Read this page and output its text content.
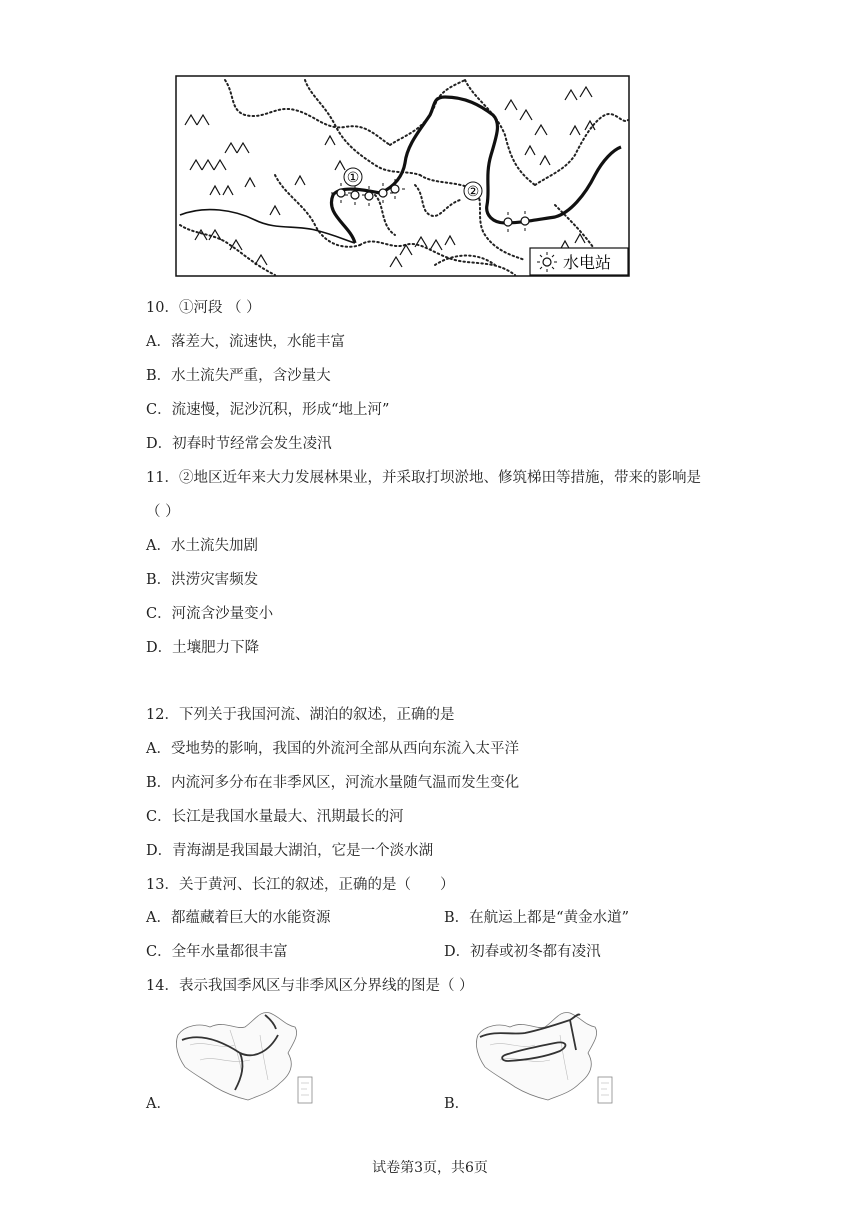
①
②
水电站
10．①河段 （ ）
A．落差大，流速快，水能丰富
B．水土流失严重，含沙量大
C．流速慢，泥沙沉积，形成“地上河”
D．初春时节经常会发生凌汛
11．②地区近年来大力发展林果业，并采取打坝淤地、修筑梯田等措施，带来的影响是
（ ）
A．水土流失加剧
B．洪涝灾害频发
C．河流含沙量变小
D．土壤肥力下降
12．下列关于我国河流、湖泊的叙述，正确的是
A．受地势的影响，我国的外流河全部从西向东流入太平洋
B．内流河多分布在非季风区，河流水量随气温而发生变化
C．长江是我国水量最大、汛期最长的河
D．青海湖是我国最大湖泊，它是一个淡水湖
13．关于黄河、长江的叙述，正确的是（　　）
A．都蕴藏着巨大的水能资源	B．在航运上都是“黄金水道”
C．全年水量都很丰富	D．初春或初冬都有凌汛
14．表示我国季风区与非季风区分界线的图是（ ）
A．	B．
试卷第3页，共6页
